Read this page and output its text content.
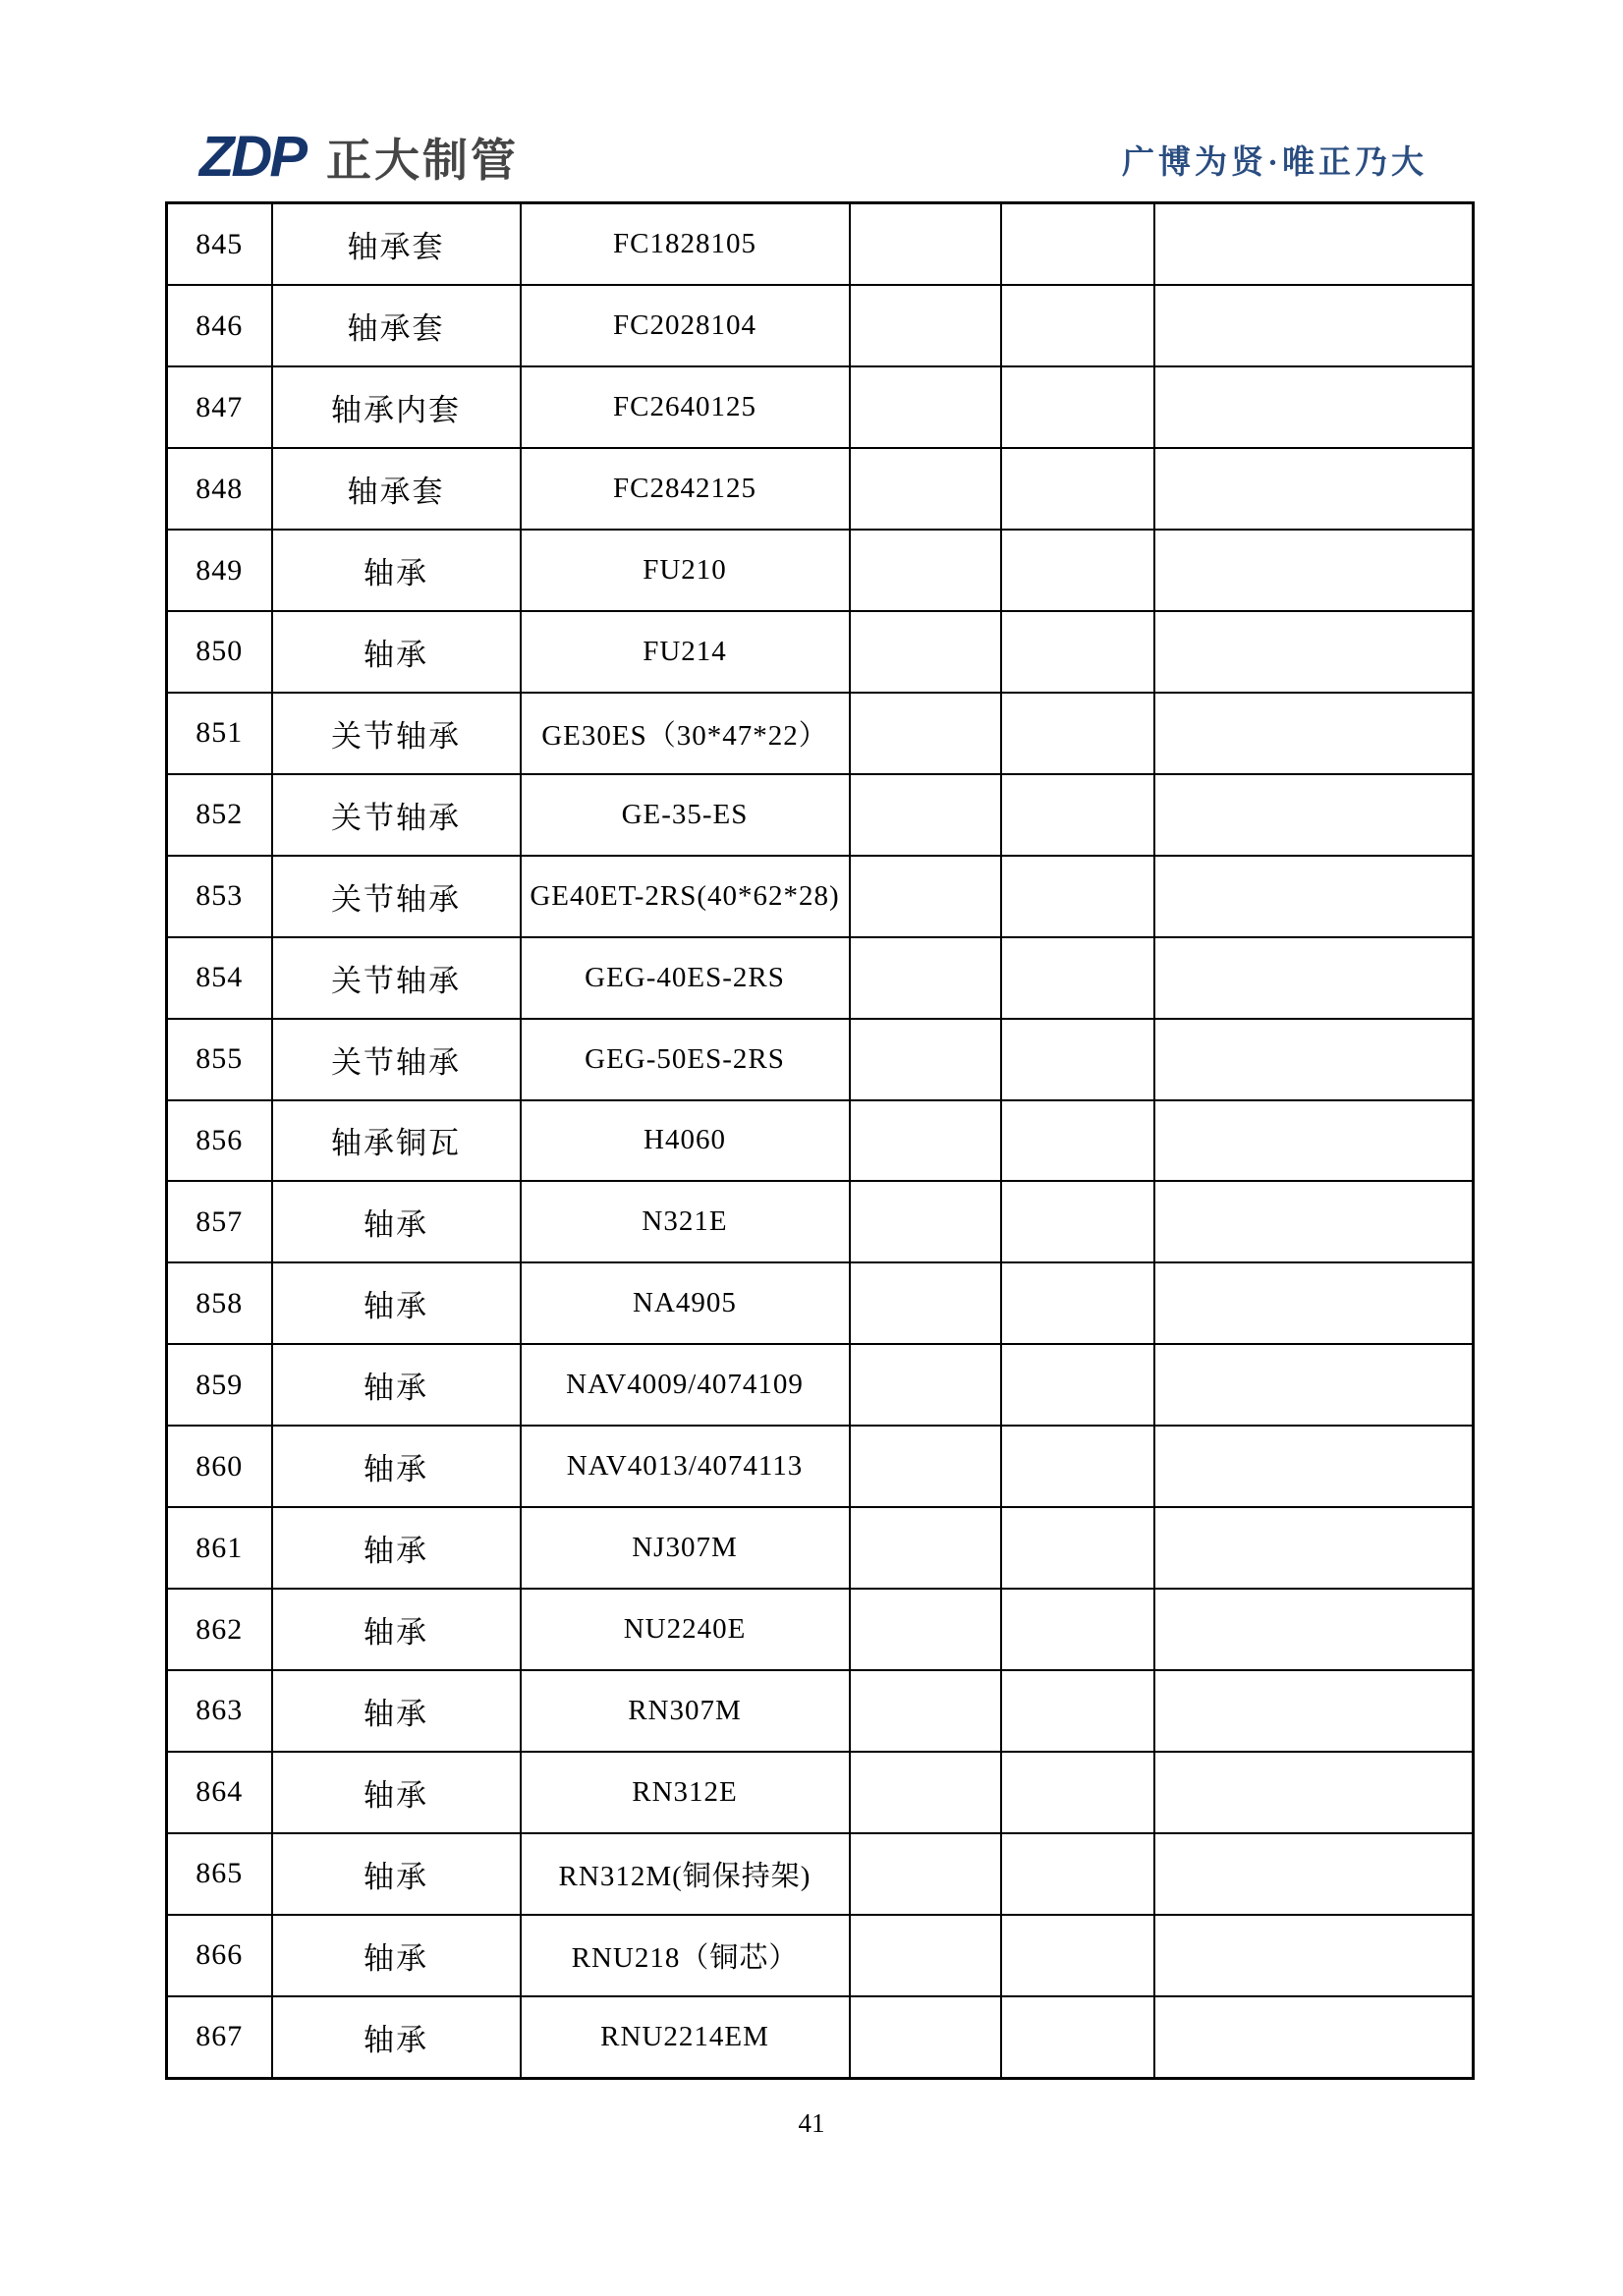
ZDP 正大制管	广博为贤·唯正乃大
845	轴承套	FC1828105			
846	轴承套	FC2028104			
847	轴承内套	FC2640125			
848	轴承套	FC2842125			
849	轴承	FU210			
850	轴承	FU214			
851	关节轴承	GE30ES（30*47*22）			
852	关节轴承	GE-35-ES			
853	关节轴承	GE40ET-2RS(40*62*28)			
854	关节轴承	GEG-40ES-2RS			
855	关节轴承	GEG-50ES-2RS			
856	轴承铜瓦	H4060			
857	轴承	N321E			
858	轴承	NA4905			
859	轴承	NAV4009/4074109			
860	轴承	NAV4013/4074113			
861	轴承	NJ307M			
862	轴承	NU2240E			
863	轴承	RN307M			
864	轴承	RN312E			
865	轴承	RN312M(铜保持架)			
866	轴承	RNU218（铜芯）			
867	轴承	RNU2214EM			
41
